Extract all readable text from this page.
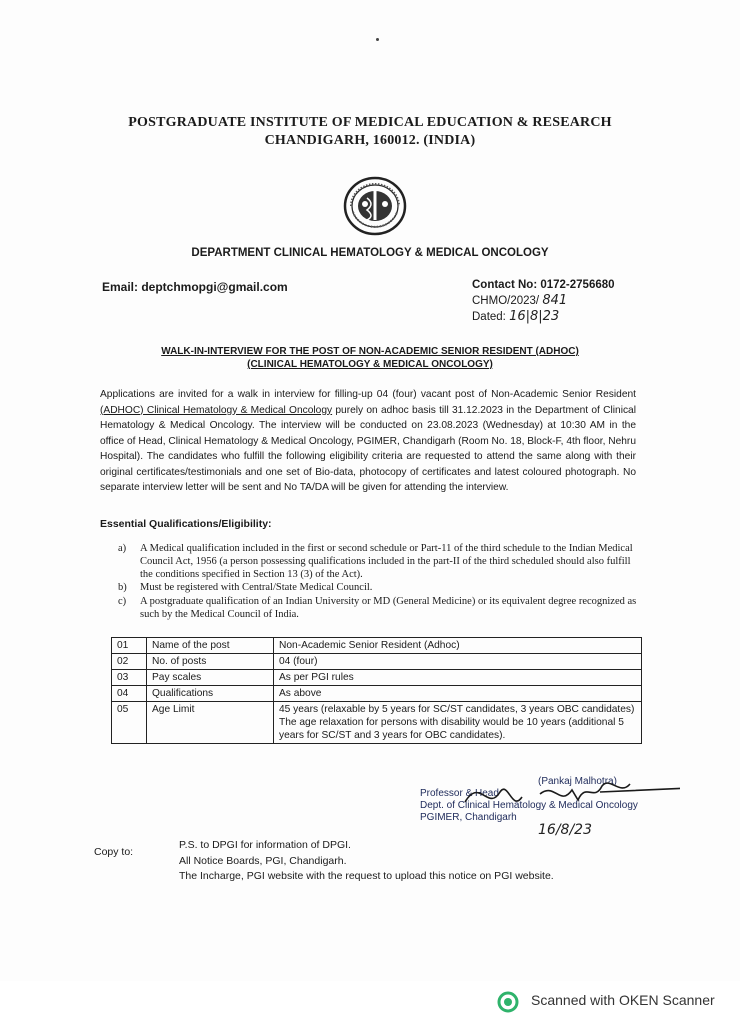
POSTGRADUATE INSTITUTE OF MEDICAL EDUCATION & RESEARCH
CHANDIGARH, 160012. (INDIA)
DEPARTMENT CLINICAL HEMATOLOGY & MEDICAL ONCOLOGY
Email: deptchmopgi@gmail.com	Contact No: 0172-2756680
CHMO/2023/ 841
Dated: 16|8|23
WALK-IN-INTERVIEW FOR THE POST OF NON-ACADEMIC SENIOR RESIDENT (ADHOC)
(CLINICAL HEMATOLOGY & MEDICAL ONCOLOGY)
Applications are invited for a walk in interview for filling-up 04 (four) vacant post of Non-Academic Senior Resident (ADHOC) Clinical Hematology & Medical Oncology purely on adhoc basis till 31.12.2023 in the Department of Clinical Hematology & Medical Oncology. The interview will be conducted on 23.08.2023 (Wednesday) at 10:30 AM in the office of Head, Clinical Hematology & Medical Oncology, PGIMER, Chandigarh (Room No. 18, Block-F, 4th floor, Nehru Hospital). The candidates who fulfill the following eligibility criteria are requested to attend the same along with their original certificates/testimonials and one set of Bio-data, photocopy of certificates and latest coloured photograph. No separate interview letter will be sent and No TA/DA will be given for attending the interview.
Essential Qualifications/Eligibility:
a) A Medical qualification included in the first or second schedule or Part-11 of the third schedule to the Indian Medical Council Act, 1956 (a person possessing qualifications included in the part-II of the third scheduled should also fulfill the conditions specified in Section 13 (3) of the Act).
b) Must be registered with Central/State Medical Council.
c) A postgraduate qualification of an Indian University or MD (General Medicine) or its equivalent degree recognized as such by the Medical Council of India.
01	Name of the post	Non-Academic Senior Resident (Adhoc)
02	No. of posts	04 (four)
03	Pay scales	As per PGI rules
04	Qualifications	As above
05	Age Limit	45 years (relaxable by 5 years for SC/ST candidates, 3 years OBC candidates) The age relaxation for persons with disability would be 10 years (additional 5 years for SC/ST and 3 years for OBC candidates).
Professor & Head
Dept. of Clinical Hematology & Medical Oncology
PGIMER, Chandigarh
(Pankaj Malhotra)
16/8/23
Copy to:
P.S. to DPGI for information of DPGI.
All Notice Boards, PGI, Chandigarh.
The Incharge, PGI website with the request to upload this notice on PGI website.
Scanned with OKEN Scanner
